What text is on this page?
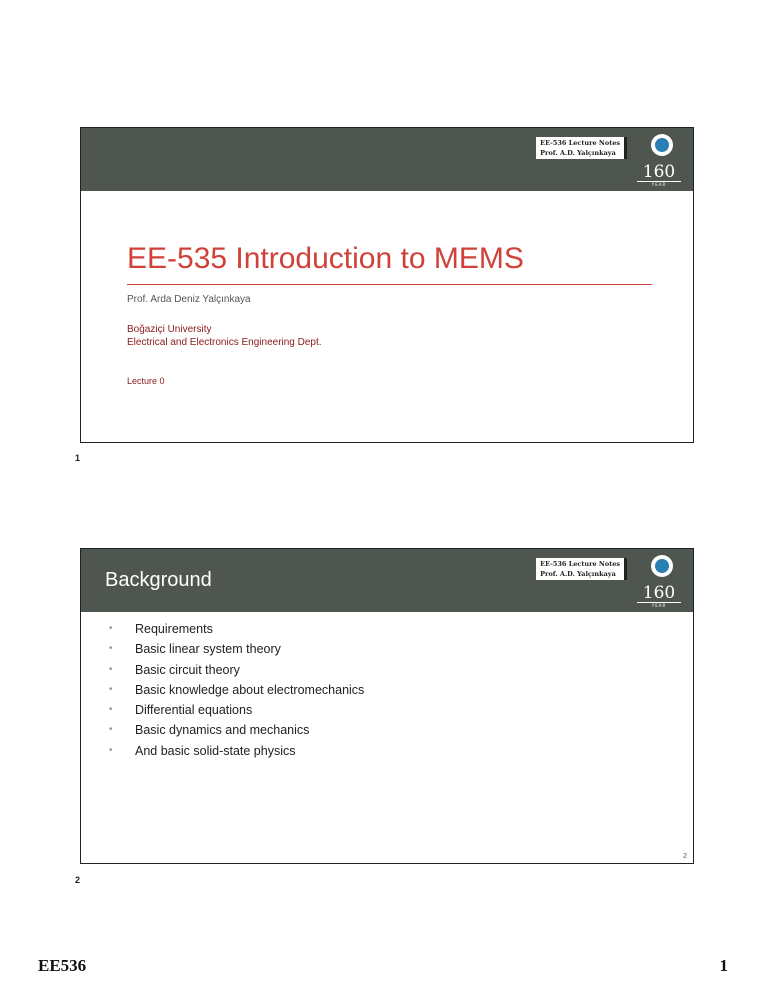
EE-536 Lecture Notes
Prof. A.D. Yalçınkaya
160
YEAR
EE-535 Introduction to MEMS
Prof. Arda Deniz Yalçınkaya
Boğaziçi University
Electrical and Electronics Engineering Dept.
Lecture 0
1
Background
EE-536 Lecture Notes
Prof. A.D. Yalçınkaya
160
YEAR
• Requirements
• Basic linear system theory
• Basic circuit theory
• Basic knowledge about electromechanics
• Differential equations
• Basic dynamics and mechanics
• And basic solid-state physics
2
2
EE536	1
